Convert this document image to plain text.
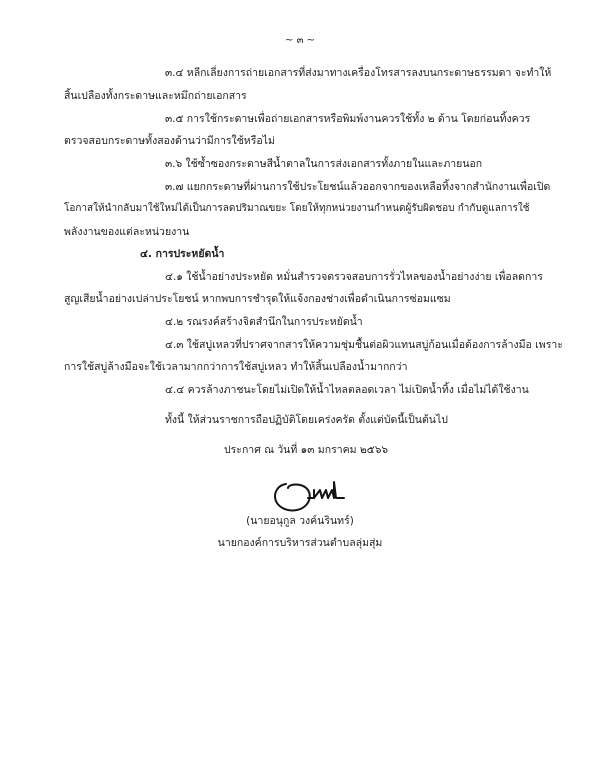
~ ๓ ~
๓.๔ หลีกเลี่ยงการถ่ายเอกสารที่ส่งมาทางเครื่องโทรสารลงบนกระดาษธรรมดา จะทำให้
สิ้นเปลืองทั้งกระดาษและหมึกถ่ายเอกสาร
๓.๕ การใช้กระดาษเพื่อถ่ายเอกสารหรือพิมพ์งานควรใช้ทั้ง ๒ ด้าน โดยก่อนทิ้งควร
ตรวจสอบกระดาษทั้งสองด้านว่ามีการใช้หรือไม่
๓.๖ ใช้ซ้ำซองกระดาษสีน้ำตาลในการส่งเอกสารทั้งภายในและภายนอก
๓.๗ แยกกระดาษที่ผ่านการใช้ประโยชน์แล้วออกจากของเหลือทิ้งจากสำนักงานเพื่อเปิด
โอกาสให้นำกลับมาใช้ใหม่ได้เป็นการลดปริมาณขยะ โดยให้ทุกหน่วยงานกำหนดผู้รับผิดชอบ กำกับดูแลการใช้
พลังงานของแต่ละหน่วยงาน
๔. การประหยัดน้ำ
๔.๑ ใช้น้ำอย่างประหยัด หมั่นสำรวจตรวจสอบการรั่วไหลของน้ำอย่างง่าย เพื่อลดการ
สูญเสียน้ำอย่างเปล่าประโยชน์ หากพบการชำรุดให้แจ้งกองช่างเพื่อดำเนินการซ่อมแซม
๔.๒ รณรงค์สร้างจิตสำนึกในการประหยัดน้ำ
๔.๓ ใช้สบู่เหลวที่ปราศจากสารให้ความชุ่มชื้นต่อผิวแทนสบู่ก้อนเมื่อต้องการล้างมือ เพราะ
การใช้สบู่ล้างมือจะใช้เวลามากกว่าการใช้สบู่เหลว ทำให้สิ้นเปลืองน้ำมากกว่า
๔.๔ ควรล้างภาชนะโดยไม่เปิดให้น้ำไหลตลอดเวลา ไม่เปิดน้ำทิ้ง เมื่อไม่ได้ใช้งาน
ทั้งนี้ ให้ส่วนราชการถือปฏิบัติโดยเคร่งครัด ตั้งแต่บัดนี้เป็นต้นไป
ประกาศ ณ วันที่ ๑๓ มกราคม ๒๕๖๖
(นายอนุกูล วงค์นรินทร์)
นายกองค์การบริหารส่วนตำบลลุ่มสุ่ม
